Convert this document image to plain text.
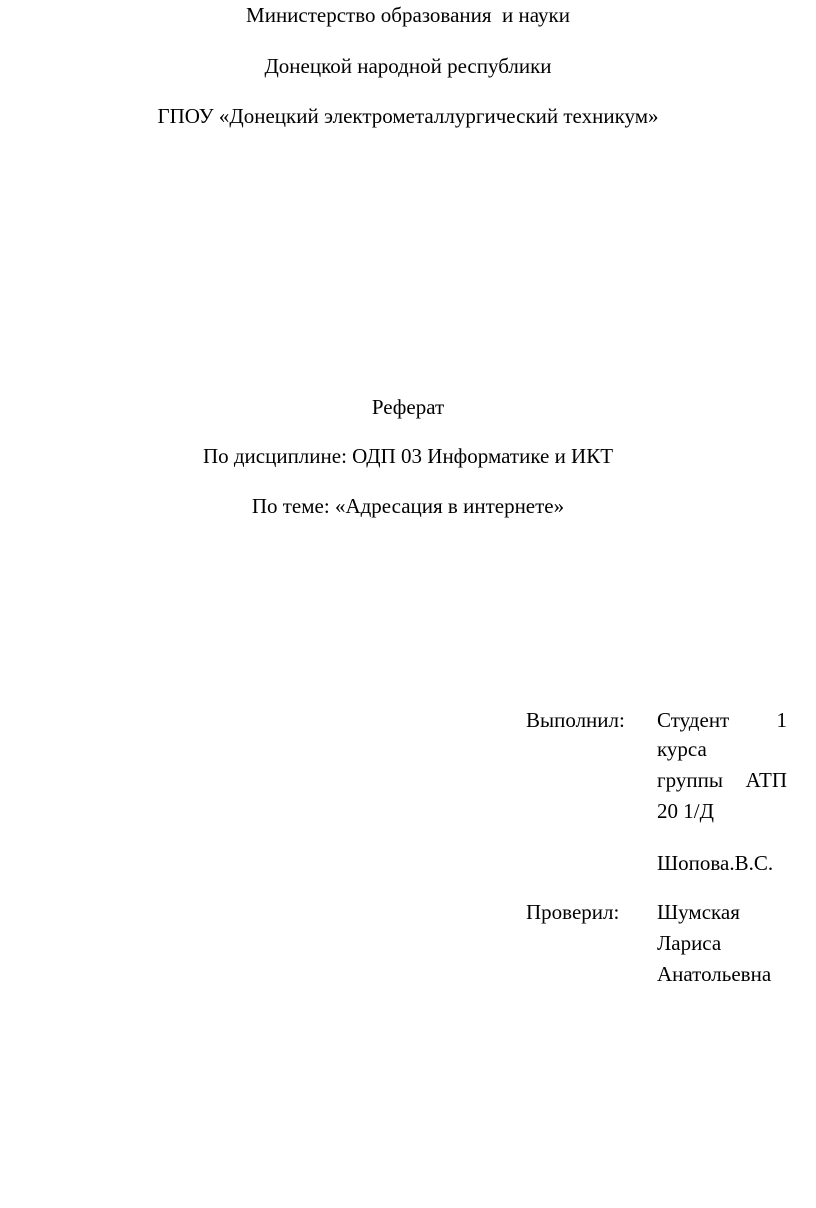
Министерство образования  и науки
Донецкой народной республики
ГПОУ «Донецкий электрометаллургический техникум»
Реферат
По дисциплине: ОДП 03 Информатике и ИКТ
По теме: «Адресация в интернете»
Выполнил: Студент 1
курса
группы АТП
20 1/Д
Шопова.В.С.
Проверил: Шумская
Лариса
Анатольевна
